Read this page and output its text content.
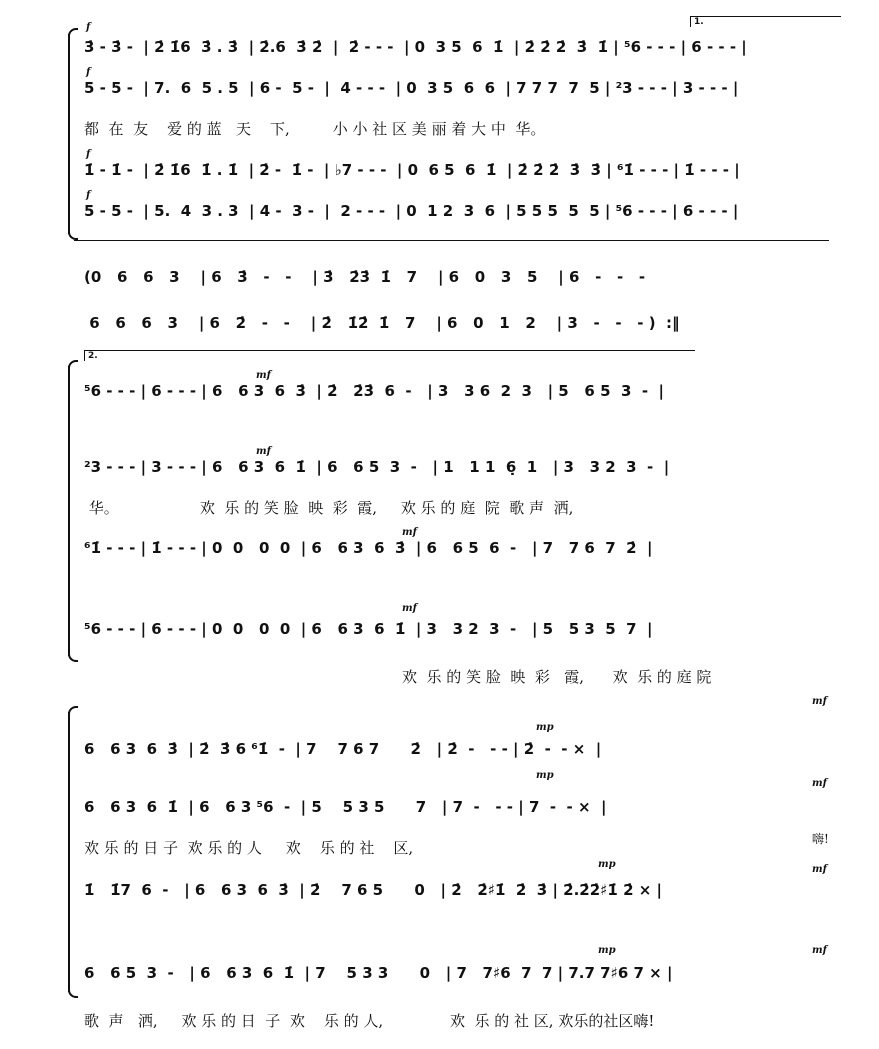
1.
f
3̇ - 3̇ -  | 2̇ 1̇6  3̇ . 3̇  | 2̇.6  3̇ 2̇  |  2̇ - - -  | 0  3 5  6  1̇  | 2̇ 2̇ 2̇  3̇  1̇ | ⁵6 - - - | 6 - - - |
f
5 - 5 -  | 7.  6  5 . 5  | 6 -  5 -  |  4 - - -  | 0  3 5  6  6  | 7 7 7  7  5 | ²3 - - - | 3 - - - |
都  在  友    爱 的 蓝   天    下,         小 小 社 区 美 丽 着 大 中  华。
f
1̇ - 1̇ -  | 2̇ 1̇6  1̇ . 1̇  | 2̇ -  1̇ -  | ♭7 - - -  | 0  6 5  6  1̇  | 2̇ 2̇ 2̇  3̇  3̇ | ⁶1̇ - - - | 1̇ - - - |
f
5 - 5 -  | 5.  4  3 . 3  | 4 -  3 -  |  2 - - -  | 0  1 2  3  6  | 5 5 5  5  5 | ⁵6 - - - | 6 - - - |
(0   6   6   3    | 6   3̇   -   -    | 3̇   2̇3̇  1̇   7    | 6   0   3   5    | 6   -   -   -
6   6   6   3    | 6   2̇   -   -    | 2̇   1̇2̇  1̇   7    | 6   0   1   2    | 3   -   -   - )  :‖
2.
mf
⁵6 - - - | 6 - - - | 6   6 3  6  3̇  | 2̇   2̇3̇  6  -   | 3   3 6  2  3   | 5   6 5  3  -  |
mf
²3 - - - | 3 - - - | 6   6 3  6  1̇  | 6   6 5  3  -   | 1   1 1  6̣  1   | 3   3 2  3  -  |
华。                 欢  乐 的 笑 脸  映  彩  霞,     欢 乐 的 庭  院  歌 声  洒,
mf
⁶1̇ - - - | 1̇ - - - | 0  0   0  0  | 6   6 3  6  3̇  | 6   6 5  6  -   | 7   7 6  7  2̇  |
mf
⁵6 - - - | 6 - - - | 0  0   0  0  | 6   6 3  6  1̇  | 3   3 2  3  -   | 5   5 3  5  7  |
欢  乐 的 笑 脸  映  彩   霞,      欢  乐 的 庭 院
mp
mf
6   6 3  6  3̇  | 2̇  3̇ 6 ⁶1̇  -  | 7    7 6 7      2̇   | 2̇  -   - - | 2̇  -  - ×  |
mp
mf
6   6 3  6  1̇  | 6   6 3 ⁵6  -  | 5    5 3 5      7   | 7  -   - - | 7  -  - ×  |
欢 乐 的 日 子  欢 乐 的 人     欢    乐 的 社    区,	嗨!
mp	mf
1̇   1̇7  6  -   | 6   6 3  6  3̇  | 2̇    7 6 5      0   | 2̇   2̇♯1̇  2̇  3̇ | 2̇.2̇2̇♯1̇ 2̇ × |
mp	mf
6   6 5  3  -   | 6   6 3  6  1̇  | 7    5 3 3      0   | 7   7♯6  7  7 | 7.7 7♯6 7 × |
歌  声   洒,     欢 乐 的 日  子  欢    乐 的 人,              欢  乐 的 社 区, 欢乐的社区嗨!
